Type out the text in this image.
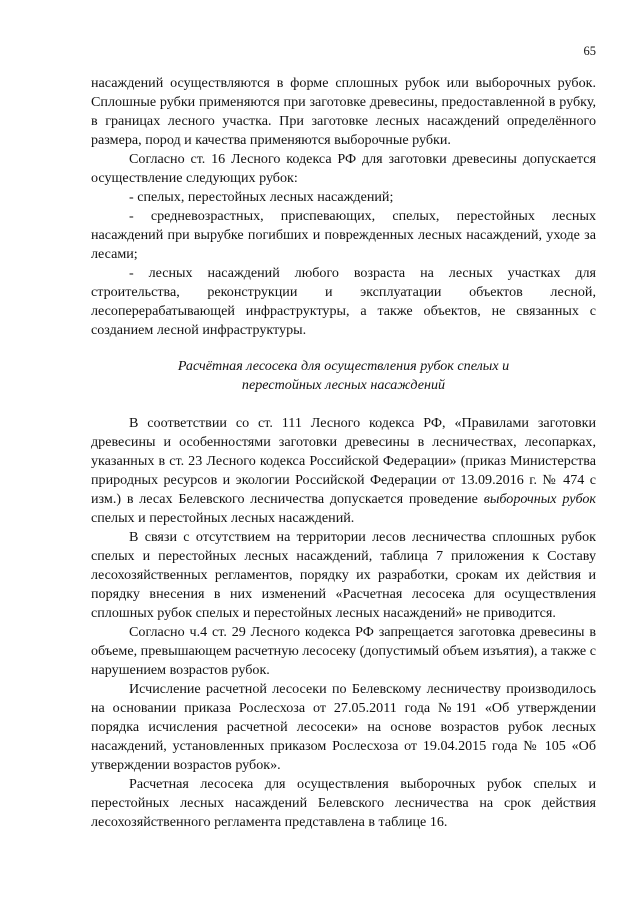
65

насаждений осуществляются в форме сплошных рубок или выборочных рубок. Сплошные рубки применяются при заготовке древесины, предоставленной в рубку, в границах лесного участка. При заготовке лесных насаждений определённого размера, пород и качества применяются выборочные рубки.

Согласно ст. 16 Лесного кодекса РФ для заготовки древесины допускается осуществление следующих рубок:

- спелых, перестойных лесных насаждений;

- средневозрастных, приспевающих, спелых, перестойных лесных насаждений при вырубке погибших и поврежденных лесных насаждений, уходе за лесами;

- лесных насаждений любого возраста на лесных участках для строительства, реконструкции и эксплуатации объектов лесной, лесоперерабатывающей инфраструктуры, а также объектов, не связанных с созданием лесной инфраструктуры.

Расчётная лесосека для осуществления рубок спелых и
перестойных лесных насаждений

В соответствии со ст. 111 Лесного кодекса РФ, «Правилами заготовки древесины и особенностями заготовки древесины в лесничествах, лесопарках, указанных в ст. 23 Лесного кодекса Российской Федерации» (приказ Министерства природных ресурсов и экологии Российской Федерации от 13.09.2016 г. № 474 с изм.) в лесах Белевского лесничества допускается проведение выборочных рубок спелых и перестойных лесных насаждений.

В связи с отсутствием на территории лесов лесничества сплошных рубок спелых и перестойных лесных насаждений, таблица 7 приложения к Составу лесохозяйственных регламентов, порядку их разработки, срокам их действия и порядку внесения в них изменений «Расчетная лесосека для осуществления сплошных рубок спелых и перестойных лесных насаждений» не приводится.

Согласно ч.4 ст. 29 Лесного кодекса РФ запрещается заготовка древесины в объеме, превышающем расчетную лесосеку (допустимый объем изъятия), а также с нарушением возрастов рубок.

Исчисление расчетной лесосеки по Белевскому лесничеству производилось на основании приказа Рослесхоза от 27.05.2011 года №191 «Об утверждении порядка исчисления расчетной лесосеки» на основе возрастов рубок лесных насаждений, установленных приказом Рослесхоза от 19.04.2015 года № 105 «Об утверждении возрастов рубок».

Расчетная лесосека для осуществления выборочных рубок спелых и перестойных лесных насаждений Белевского лесничества на срок действия лесохозяйственного регламента представлена в таблице 16.
